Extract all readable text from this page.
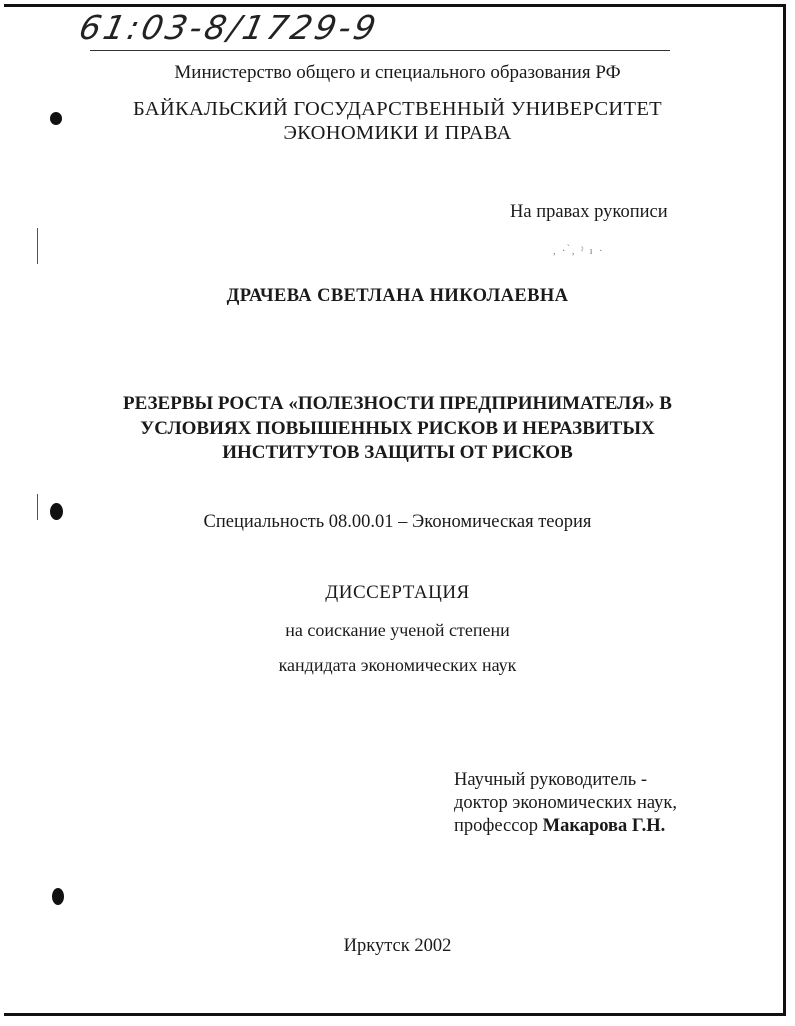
61:03-8/1729-9
Министерство общего и специального образования РФ
БАЙКАЛЬСКИЙ ГОСУДАРСТВЕННЫЙ УНИВЕРСИТЕТ
ЭКОНОМИКИ И ПРАВА
На правах рукописи
, · ̀, ˀ ı ·
ДРАЧЕВА СВЕТЛАНА НИКОЛАЕВНА
РЕЗЕРВЫ РОСТА «ПОЛЕЗНОСТИ ПРЕДПРИНИМАТЕЛЯ» В
УСЛОВИЯХ ПОВЫШЕННЫХ РИСКОВ И НЕРАЗВИТЫХ
ИНСТИТУТОВ ЗАЩИТЫ ОТ РИСКОВ
Специальность 08.00.01 – Экономическая теория
ДИССЕРТАЦИЯ
на соискание ученой степени
кандидата экономических наук
Научный руководитель -
доктор экономических наук,
профессор Макарова Г.Н.
Иркутск 2002
